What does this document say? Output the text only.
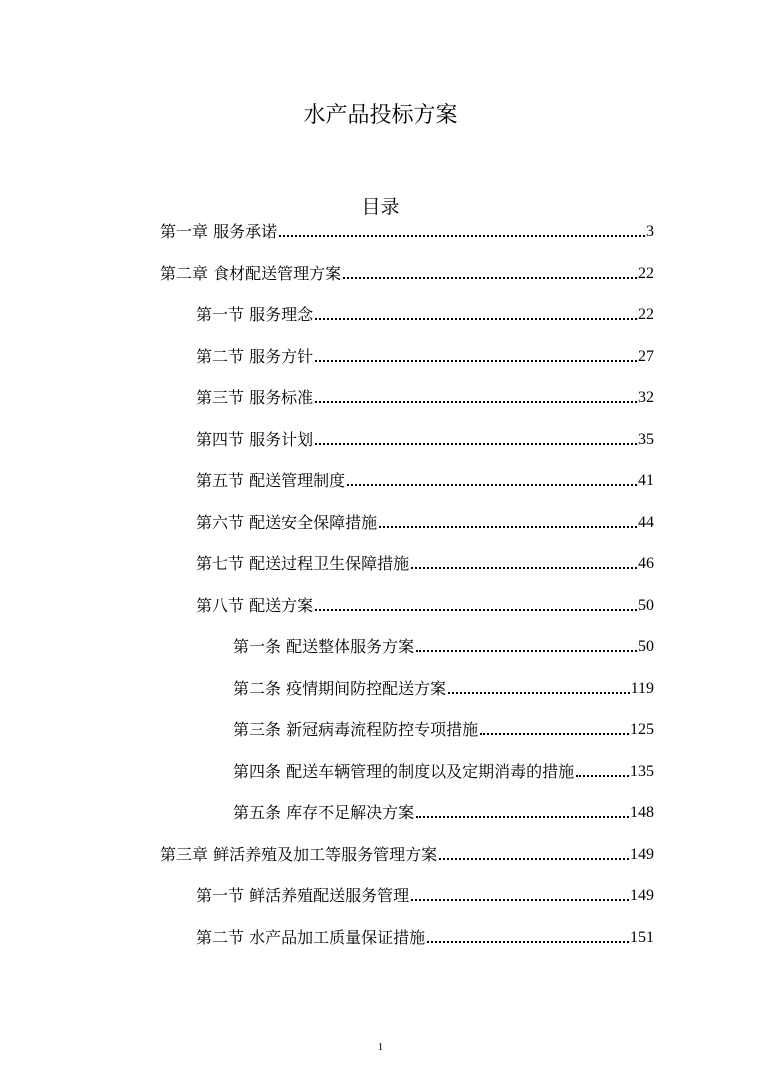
水产品投标方案
目录
第一章 服务承诺	3
第二章 食材配送管理方案	22
第一节 服务理念	22
第二节 服务方针	27
第三节 服务标准	32
第四节 服务计划	35
第五节 配送管理制度	41
第六节 配送安全保障措施	44
第七节 配送过程卫生保障措施	46
第八节 配送方案	50
第一条 配送整体服务方案	50
第二条 疫情期间防控配送方案	119
第三条 新冠病毒流程防控专项措施	125
第四条 配送车辆管理的制度以及定期消毒的措施	135
第五条 库存不足解决方案	148
第三章 鲜活养殖及加工等服务管理方案	149
第一节 鲜活养殖配送服务管理	149
第二节 水产品加工质量保证措施	151
1
